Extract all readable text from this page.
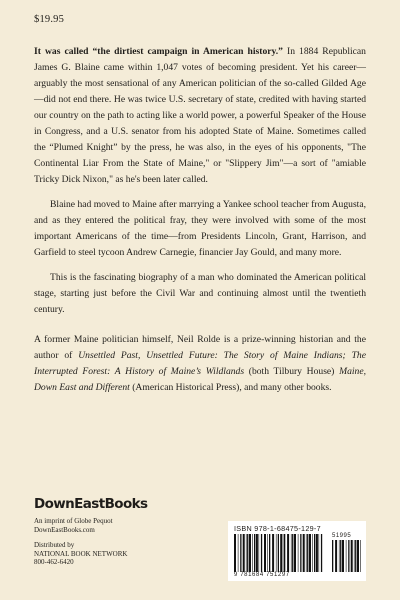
$19.95

It was called “the dirtiest campaign in American history.” In 1884 Republican James G. Blaine came within 1,047 votes of becoming president. Yet his career—arguably the most sensational of any American politician of the so-called Gilded Age—did not end there. He was twice U.S. secretary of state, credited with having started our country on the path to acting like a world power, a powerful Speaker of the House in Congress, and a U.S. senator from his adopted State of Maine. Sometimes called the “Plumed Knight” by the press, he was also, in the eyes of his opponents, "The Continental Liar From the State of Maine," or "Slippery Jim"—a sort of "amiable Tricky Dick Nixon," as he's been later called.

Blaine had moved to Maine after marrying a Yankee school teacher from Augusta, and as they entered the political fray, they were involved with some of the most important Americans of the time—from Presidents Lincoln, Grant, Harrison, and Garfield to steel tycoon Andrew Carnegie, financier Jay Gould, and many more.

This is the fascinating biography of a man who dominated the American political stage, starting just before the Civil War and continuing almost until the twentieth century.

A former Maine politician himself, Neil Rolde is a prize-winning historian and the author of Unsettled Past, Unsettled Future: The Story of Maine Indians; The Interrupted Forest: A History of Maine’s Wildlands (both Tilbury House) Maine, Down East and Different (American Historical Press), and many other books.

DownEastBooks
An imprint of Globe Pequot
DownEastBooks.com
Distributed by
NATIONAL BOOK NETWORK
800-462-6420
ISBN 978-1-68475-129-7
51995
9 781684 751297
